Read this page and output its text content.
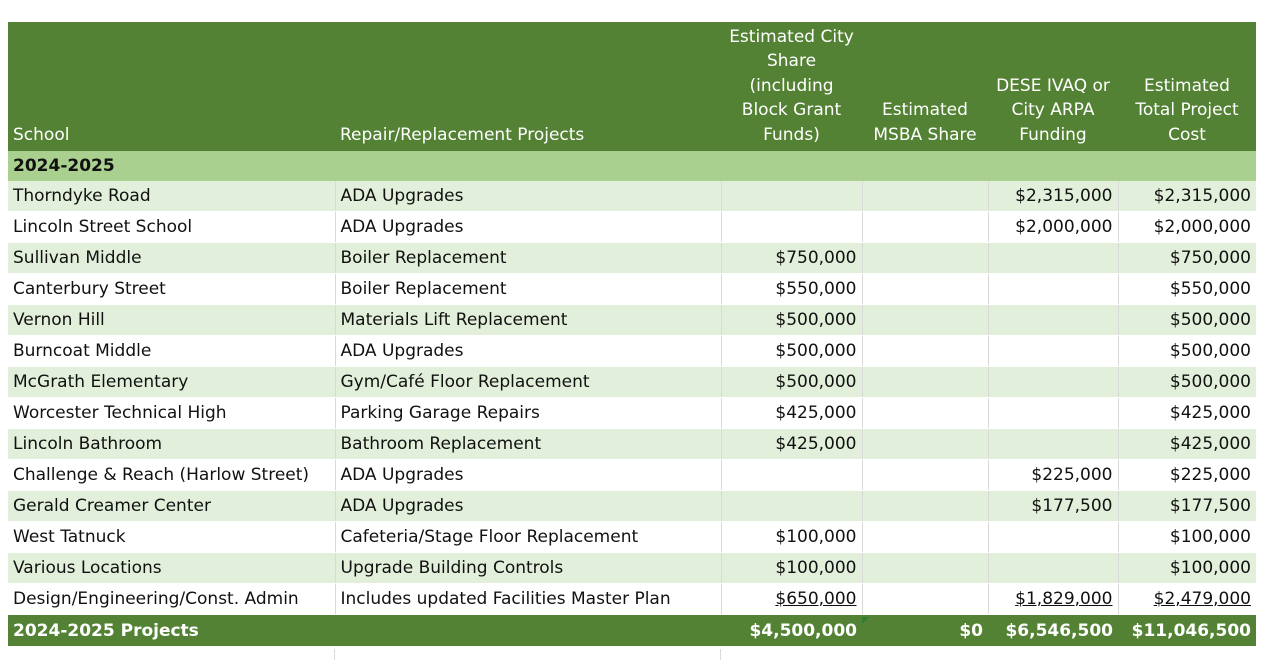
School	Repair/Replacement Projects	Estimated City Share (including Block Grant Funds)	Estimated MSBA Share	DESE IVAQ or City ARPA Funding	Estimated Total Project Cost
2024-2025					
Thorndyke Road	ADA Upgrades			$2,315,000	$2,315,000
Lincoln Street School	ADA Upgrades			$2,000,000	$2,000,000
Sullivan Middle	Boiler Replacement	$750,000			$750,000
Canterbury Street	Boiler Replacement	$550,000			$550,000
Vernon Hill	Materials Lift Replacement	$500,000			$500,000
Burncoat Middle	ADA Upgrades	$500,000			$500,000
McGrath Elementary	Gym/Café Floor Replacement	$500,000			$500,000
Worcester Technical High	Parking Garage Repairs	$425,000			$425,000
Lincoln Bathroom	Bathroom Replacement	$425,000			$425,000
Challenge & Reach (Harlow Street)	ADA Upgrades			$225,000	$225,000
Gerald Creamer Center	ADA Upgrades			$177,500	$177,500
West Tatnuck	Cafeteria/Stage Floor Replacement	$100,000			$100,000
Various Locations	Upgrade Building Controls	$100,000			$100,000
Design/Engineering/Const. Admin	Includes updated Facilities Master Plan	$650,000		$1,829,000	$2,479,000
2024-2025 Projects		$4,500,000	$0	$6,546,500	$11,046,500
